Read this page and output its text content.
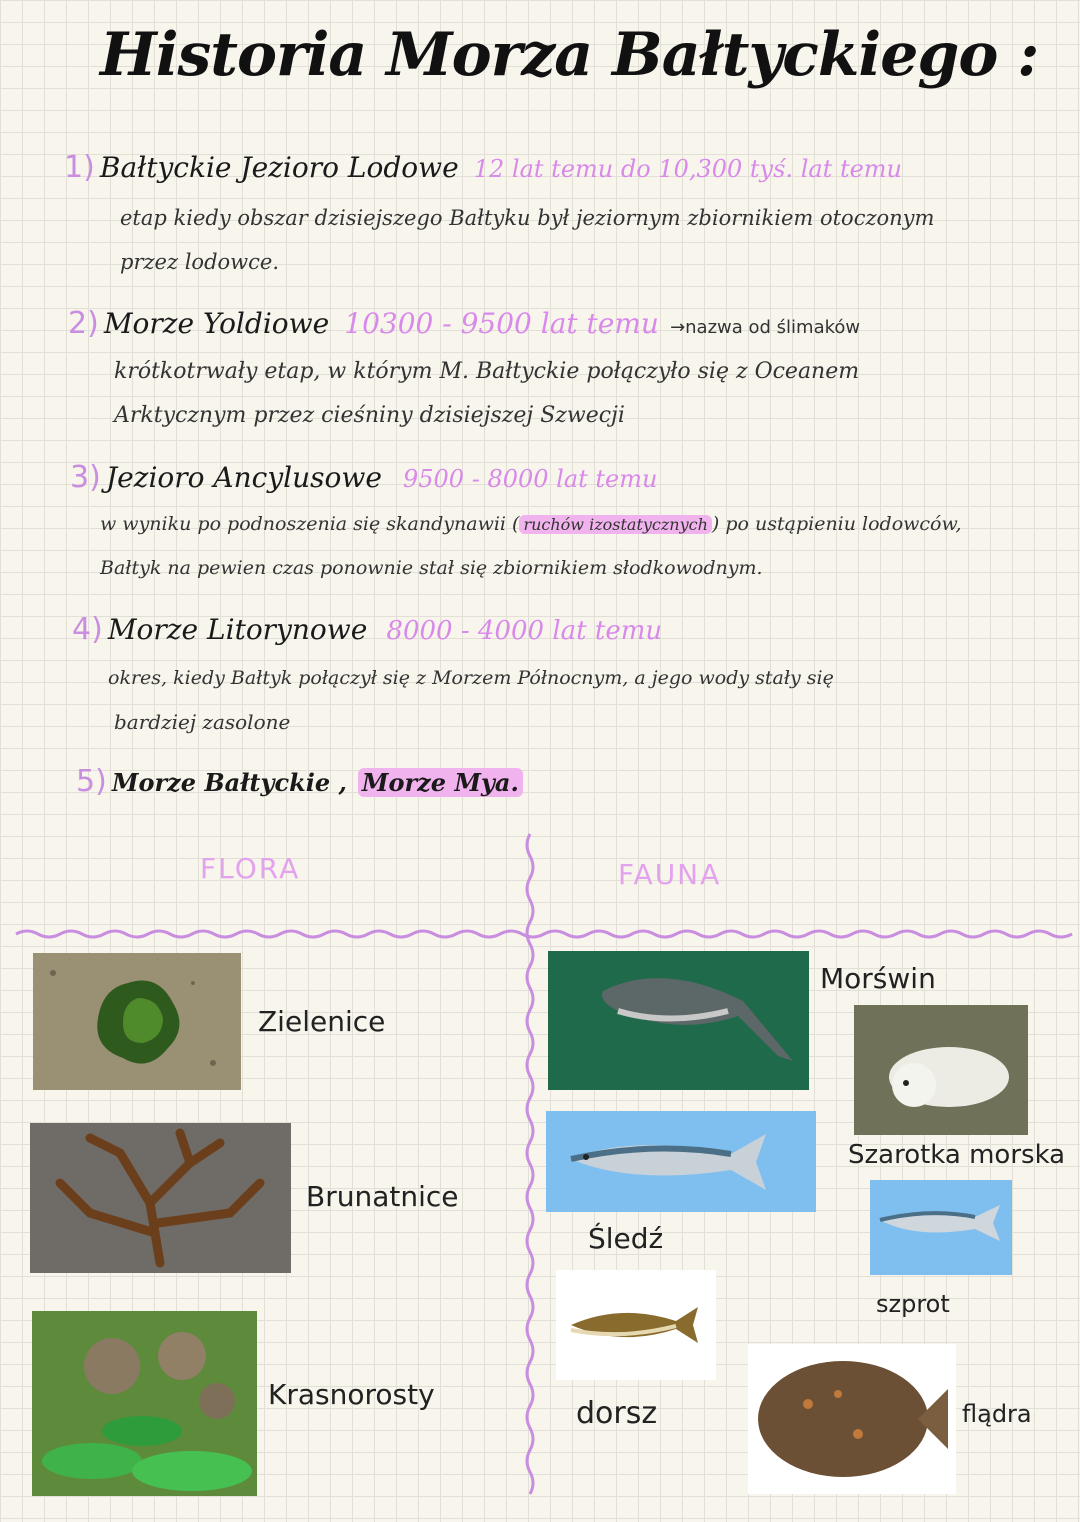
Historia Morza Bałtyckiego :
1) Bałtyckie Jezioro Lodowe 12 lat temu do 10,300 tyś. lat temu
etap kiedy obszar dzisiejszego Bałtyku był jeziornym zbiornikiem otoczonym
przez lodowce.
2) Morze Yoldiowe 10300 - 9500 lat temu →nazwa od ślimaków
krótkotrwały etap, w którym M. Bałtyckie połączyło się z Oceanem
Arktycznym przez cieśniny dzisiejszej Szwecji
3) Jezioro Ancylusowe 9500 - 8000 lat temu
w wyniku po podnoszenia się skandynawii ( ruchów izostatycznych ) po ustąpieniu lodowców,
Bałtyk na pewien czas ponownie stał się zbiornikiem słodkowodnym.
4) Morze Litorynowe 8000 - 4000 lat temu
okres, kiedy Bałtyk połączył się z Morzem Północnym, a jego wody stały się
bardziej zasolone
5) Morze Bałtyckie , Morze Mya.
FLORA	FAUNA
Zielenice
Brunatnice
Krasnorosty
Morświn
Szarotka morska
Śledź
szprot
dorsz	flądra
